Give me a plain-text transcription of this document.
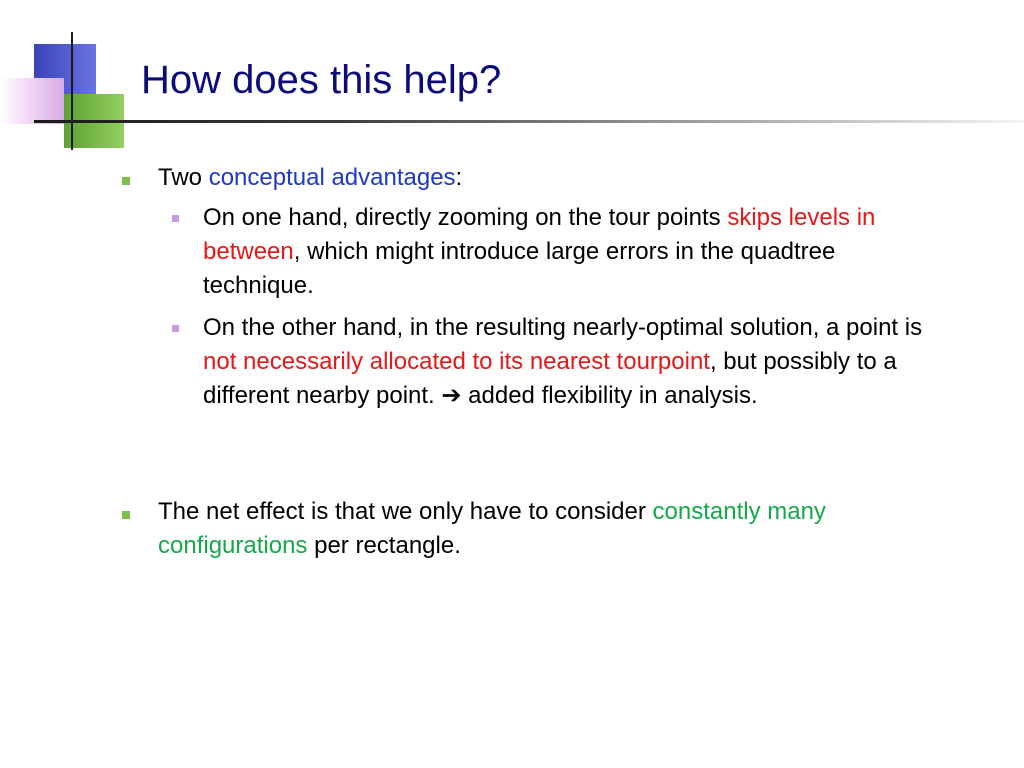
How does this help?
Two conceptual advantages:
On one hand, directly zooming on the tour points skips levels in between, which might introduce large errors in the quadtree technique.
On the other hand, in the resulting nearly-optimal solution, a point is not necessarily allocated to its nearest tourpoint, but possibly to a different nearby point. ➔ added flexibility in analysis.
The net effect is that we only have to consider constantly many configurations per rectangle.
